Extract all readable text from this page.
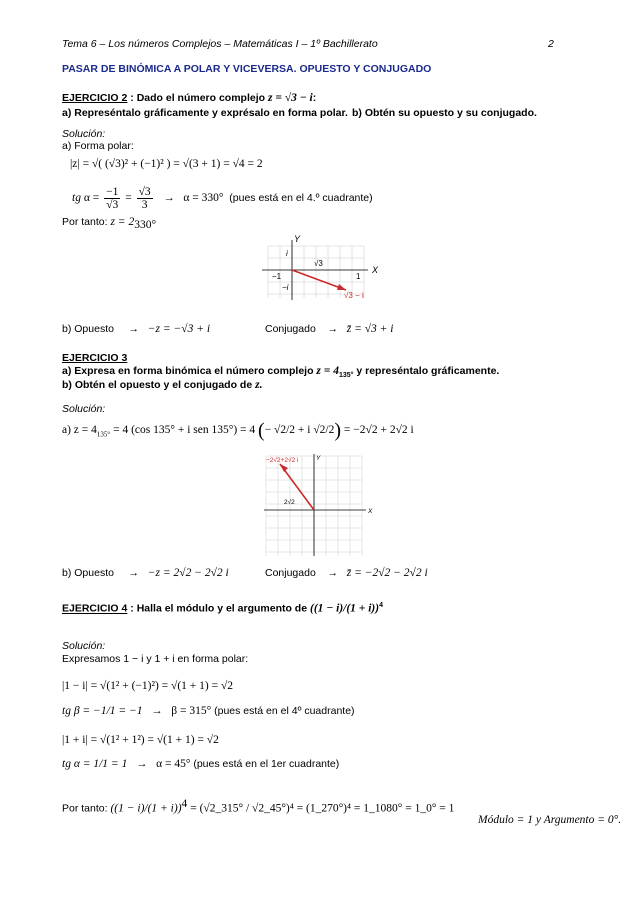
Tema 6 – Los números Complejos – Matemáticas I – 1º Bachillerato	2
PASAR DE BINÓMICA A POLAR Y VICEVERSA. OPUESTO Y CONJUGADO
EJERCICIO 2 : Dado el número complejo z = √3 − i:
a) Represéntalo gráficamente y exprésalo en forma polar. b) Obtén su opuesto y su conjugado.
Solución:
a) Forma polar:
|z| = √( (√3)² + (−1)² ) = √(3 + 1) = √4 = 2
tg $\alpha = \frac{-1}{√3} = \frac{√3}{3} \to \alpha = 330^\circ$ (pues está en el 4.º cuadrante)
Por tanto: $z = 2_{330^\circ}$
Y
X
i
−i
−1	1
√3
√3 − i
b) Opuesto     →   −z = −√3 + i	Conjugado    →   z̄ = √3 + i
EJERCICIO 3
a) Expresa en forma binómica el número complejo $z = 4_{135^\circ}$ y represéntalo gráficamente.
b) Obtén el opuesto y el conjugado de z.
Solución:
a) $z = 4_{135^\circ} = 4$ (cos 135° + i sen 135°) = 4 (− √2/2 + i √2/2) = −2√2 + 2√2 i
−2√2+2√2 i	Y
X
2√2
b) Opuesto     →   −z = 2√2 − 2√2 i	Conjugado    →   z̄ = −2√2 − 2√2 i
EJERCICIO 4 : Halla el módulo y el argumento de $((1 - i)/(1 + i))^4$
Solución:
Expresamos 1 − i y 1 + i en forma polar:
|1 − i| = √(1² + (−1)²) = √(1 + 1) = √2
tg β = −1/1 = −1   →   β = 315° (pues está en el 4º cuadrante)
|1 + i| = √(1² + 1²) = √(1 + 1) = √2
tg α = 1/1 = 1   →   α = 45° (pues está en el 1er cuadrante)
Por tanto: $((1 - i)/(1 + i))^4$ = (√2_315° / √2_45°)⁴ = (1_270°)⁴ = 1_1080° = 1_0° = 1
Módulo = 1 y Argumento = 0°.
